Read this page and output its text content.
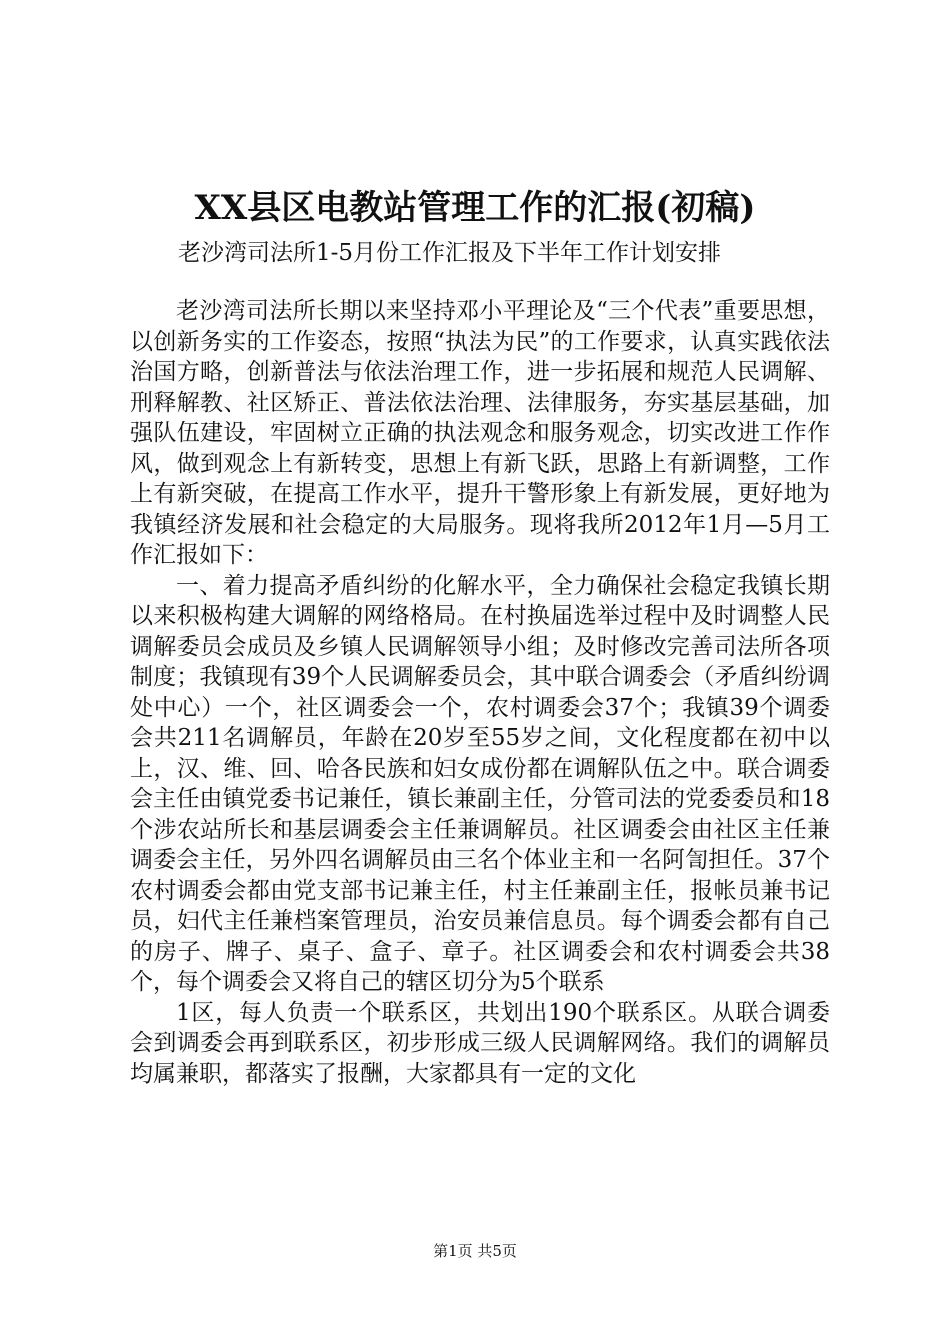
XX县区电教站管理工作的汇报(初稿)
老沙湾司法所1-5月份工作汇报及下半年工作计划安排

老沙湾司法所长期以来坚持邓小平理论及“三个代表”重要思想，以创新务实的工作姿态，按照“执法为民”的工作要求，认真实践依法治国方略，创新普法与依法治理工作，进一步拓展和规范人民调解、刑释解教、社区矫正、普法依法治理、法律服务，夯实基层基础，加强队伍建设，牢固树立正确的执法观念和服务观念，切实改进工作作风，做到观念上有新转变，思想上有新飞跃，思路上有新调整，工作上有新突破，在提高工作水平，提升干警形象上有新发展，更好地为我镇经济发展和社会稳定的大局服务。现将我所2012年1月—5月工作汇报如下：

一、着力提高矛盾纠纷的化解水平，全力确保社会稳定我镇长期以来积极构建大调解的网络格局。在村换届选举过程中及时调整人民调解委员会成员及乡镇人民调解领导小组；及时修改完善司法所各项制度；我镇现有39个人民调解委员会，其中联合调委会（矛盾纠纷调处中心）一个，社区调委会一个，农村调委会37个；我镇39个调委会共211名调解员，年龄在20岁至55岁之间，文化程度都在初中以上，汉、维、回、哈各民族和妇女成份都在调解队伍之中。联合调委会主任由镇党委书记兼任，镇长兼副主任，分管司法的党委委员和18个涉农站所长和基层调委会主任兼调解员。社区调委会由社区主任兼调委会主任，另外四名调解员由三名个体业主和一名阿訇担任。37个农村调委会都由党支部书记兼主任，村主任兼副主任，报帐员兼书记员，妇代主任兼档案管理员，治安员兼信息员。每个调委会都有自己的房子、牌子、桌子、盒子、章子。社区调委会和农村调委会共38个，每个调委会又将自己的辖区切分为5个联系

1区，每人负责一个联系区，共划出190个联系区。从联合调委会到调委会再到联系区，初步形成三级人民调解网络。我们的调解员均属兼职，都落实了报酬，大家都具有一定的文化

第1页 共5页
